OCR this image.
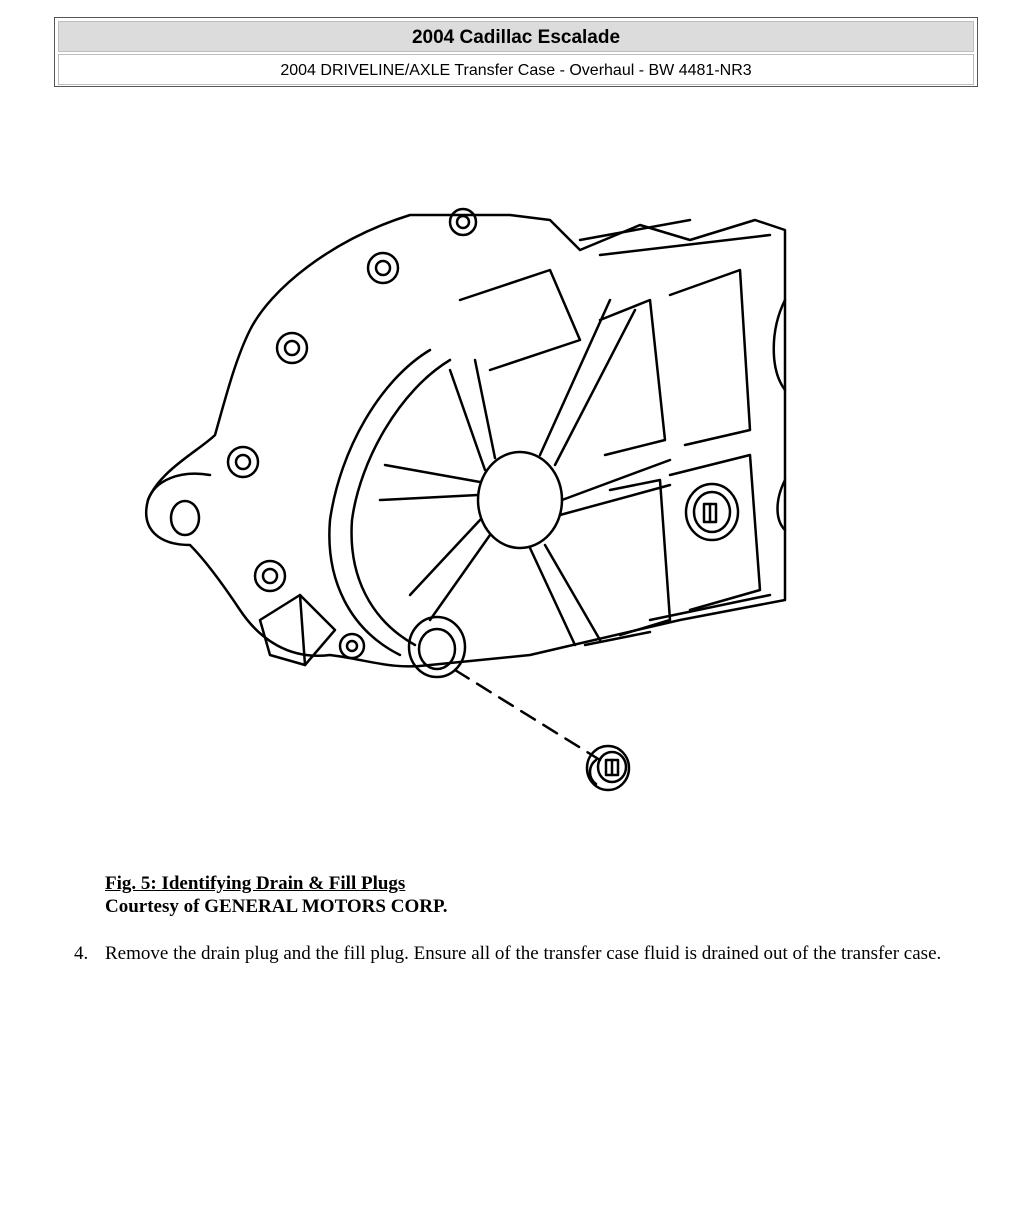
2004 Cadillac Escalade
2004 DRIVELINE/AXLE Transfer Case - Overhaul - BW 4481-NR3
Fig. 5: Identifying Drain & Fill Plugs
Courtesy of GENERAL MOTORS CORP.
4. Remove the drain plug and the fill plug. Ensure all of the transfer case fluid is drained out of the transfer case.
